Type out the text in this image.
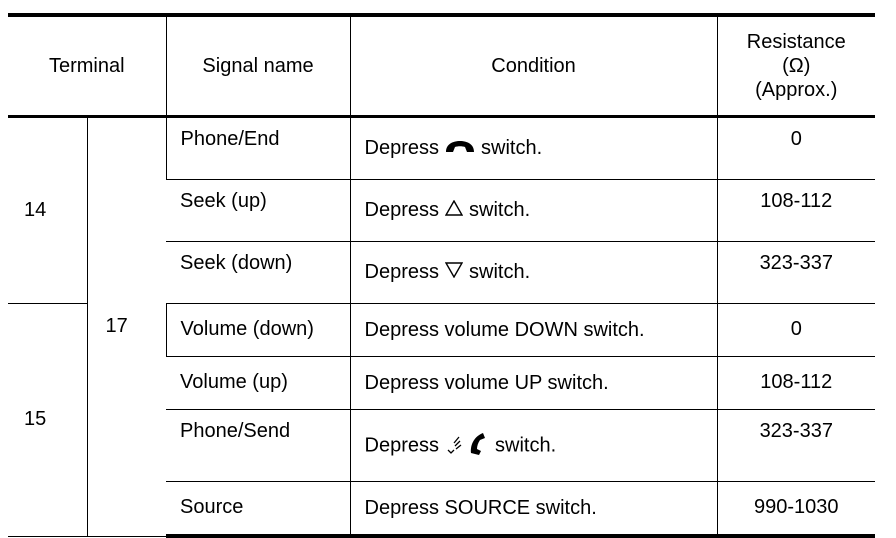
Terminal		Signal name	Condition	Resistance
(Ω)
(Approx.)
14	17	Phone/End	Depress switch.	0
		Seek (up)	Depress switch.	108-112
		Seek (down)	Depress switch.	323-337
15		Volume (down)	Depress volume DOWN switch.	0
		Volume (up)	Depress volume UP switch.	108-112
		Phone/Send	Depress switch.	323-337
		Source	Depress SOURCE switch.	990-1030
